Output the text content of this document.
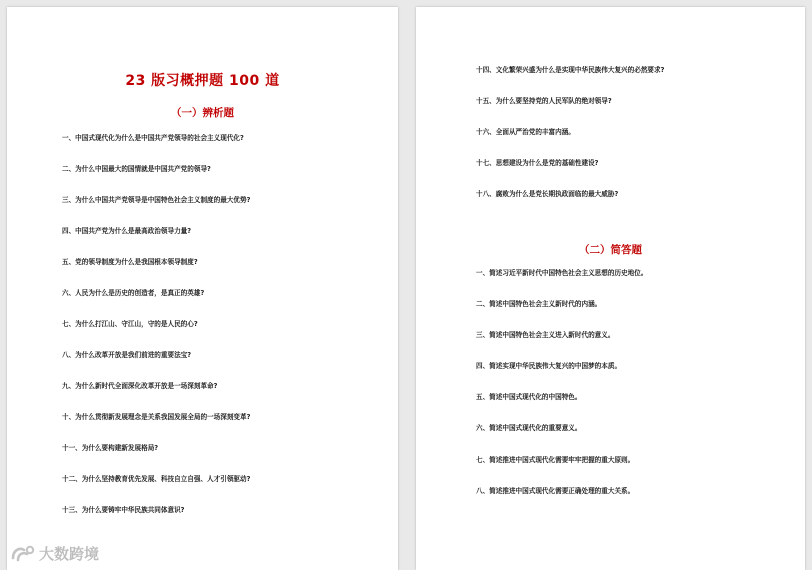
23 版习概押题 100 道
（一）辨析题
一、中国式现代化为什么是中国共产党领导的社会主义现代化?
二、为什么中国最大的国情就是中国共产党的领导?
三、为什么中国共产党领导是中国特色社会主义制度的最大优势?
四、中国共产党为什么是最高政治领导力量?
五、党的领导制度为什么是我国根本领导制度?
六、人民为什么是历史的创造者，是真正的英雄?
七、为什么打江山、守江山，守的是人民的心?
八、为什么改革开放是我们前进的重要法宝?
九、为什么新时代全面深化改革开放是一场深刻革命?
十、为什么贯彻新发展理念是关系我国发展全局的一场深刻变革?
十一、为什么要构建新发展格局?
十二、为什么坚持教育优先发展、科技自立自强、人才引领驱动?
十三、为什么要铸牢中华民族共同体意识?
十四、文化繁荣兴盛为什么是实现中华民族伟大复兴的必然要求?
十五、为什么要坚持党的人民军队的绝对领导?
十六、全面从严治党的丰富内涵。
十七、思想建设为什么是党的基础性建设?
十八、腐败为什么是党长期执政面临的最大威胁?
（二）简答题
一、简述习近平新时代中国特色社会主义思想的历史地位。
二、简述中国特色社会主义新时代的内涵。
三、简述中国特色社会主义进入新时代的意义。
四、简述实现中华民族伟大复兴的中国梦的本质。
五、简述中国式现代化的中国特色。
六、简述中国式现代化的重要意义。
七、简述推进中国式现代化需要牢牢把握的重大原则。
八、简述推进中国式现代化需要正确处理的重大关系。
大数跨境
